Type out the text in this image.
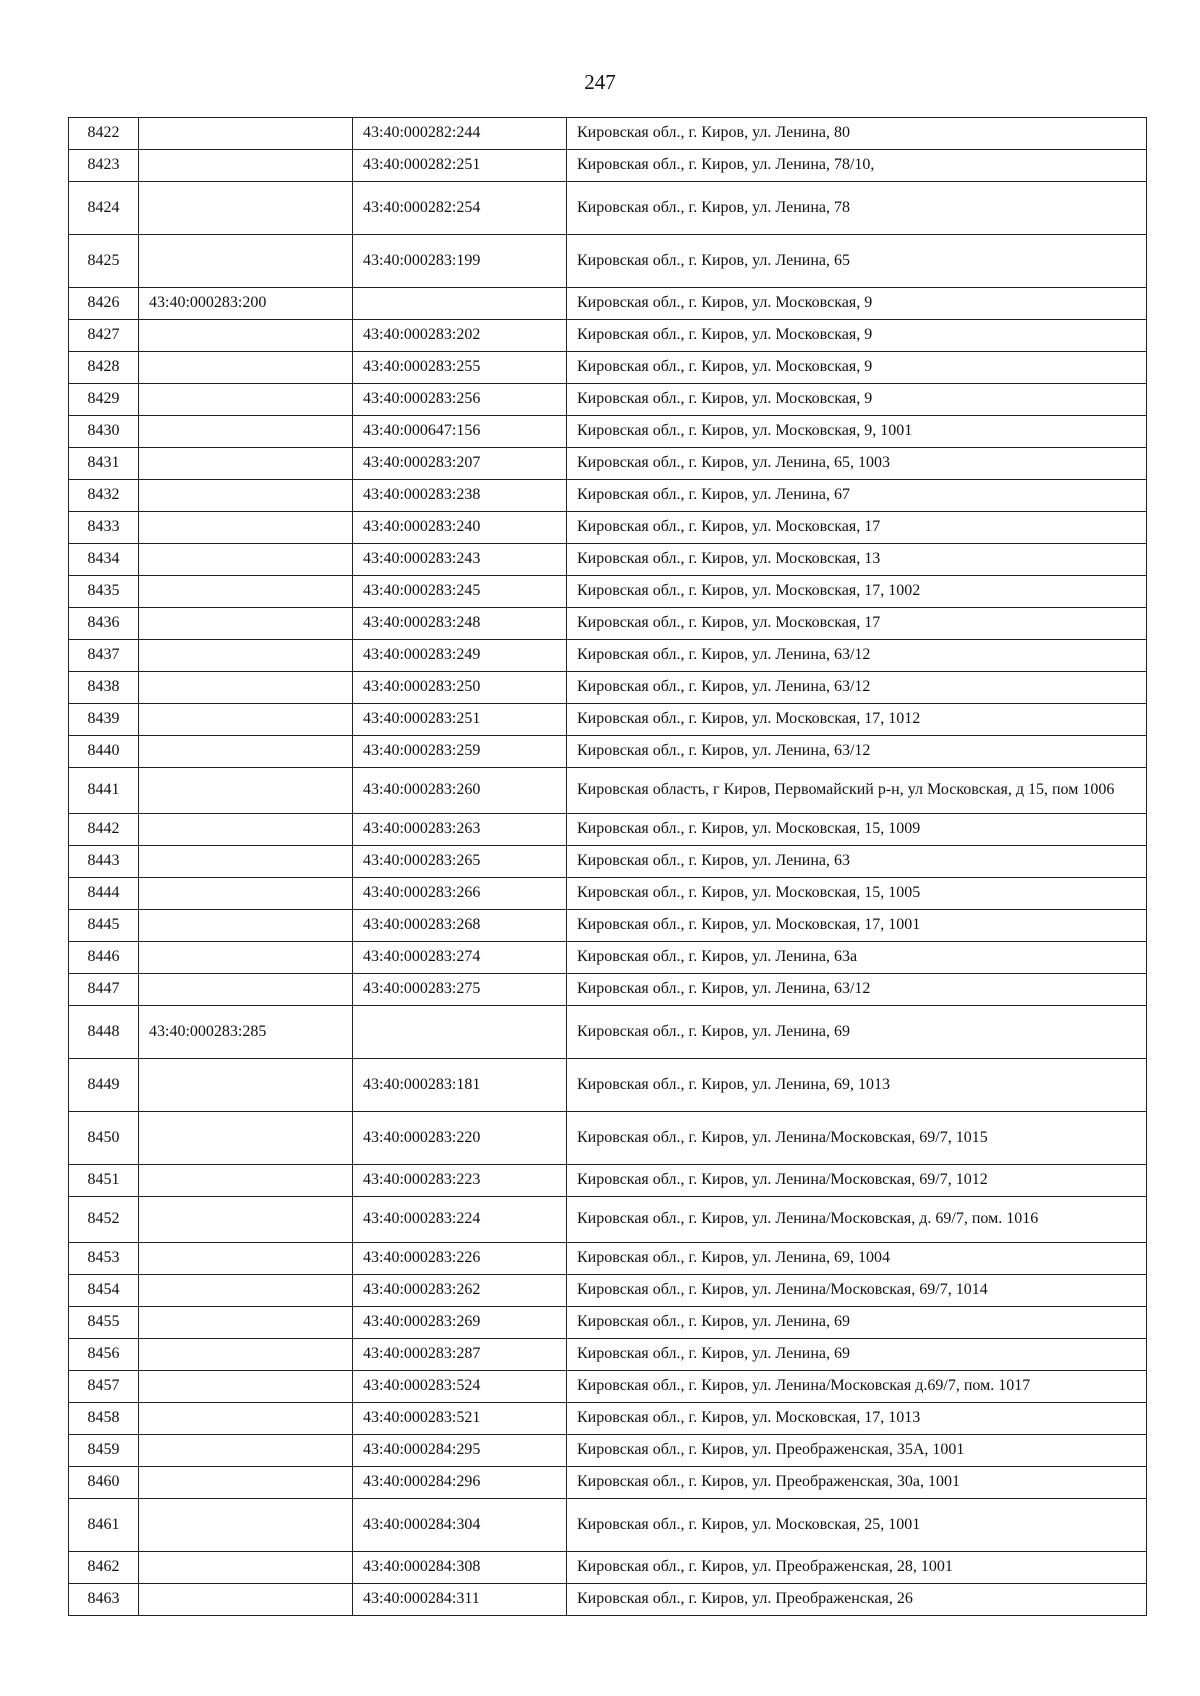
247
8422		43:40:000282:244	Кировская обл., г. Киров, ул. Ленина, 80
8423		43:40:000282:251	Кировская обл., г. Киров, ул. Ленина, 78/10,
8424		43:40:000282:254	Кировская обл., г. Киров, ул. Ленина, 78
8425		43:40:000283:199	Кировская обл., г. Киров, ул. Ленина, 65
8426	43:40:000283:200		Кировская обл., г. Киров, ул. Московская, 9
8427		43:40:000283:202	Кировская обл., г. Киров, ул. Московская, 9
8428		43:40:000283:255	Кировская обл., г. Киров, ул. Московская, 9
8429		43:40:000283:256	Кировская обл., г. Киров, ул. Московская, 9
8430		43:40:000647:156	Кировская обл., г. Киров, ул. Московская, 9, 1001
8431		43:40:000283:207	Кировская обл., г. Киров, ул. Ленина, 65, 1003
8432		43:40:000283:238	Кировская обл., г. Киров, ул. Ленина, 67
8433		43:40:000283:240	Кировская обл., г. Киров, ул. Московская, 17
8434		43:40:000283:243	Кировская обл., г. Киров, ул. Московская, 13
8435		43:40:000283:245	Кировская обл., г. Киров, ул. Московская, 17, 1002
8436		43:40:000283:248	Кировская обл., г. Киров, ул. Московская, 17
8437		43:40:000283:249	Кировская обл., г. Киров, ул. Ленина, 63/12
8438		43:40:000283:250	Кировская обл., г. Киров, ул. Ленина, 63/12
8439		43:40:000283:251	Кировская обл., г. Киров, ул. Московская, 17, 1012
8440		43:40:000283:259	Кировская обл., г. Киров, ул. Ленина, 63/12
8441		43:40:000283:260	Кировская область, г Киров, Первомайский р-н, ул Московская, д 15, пом 1006
8442		43:40:000283:263	Кировская обл., г. Киров, ул. Московская, 15, 1009
8443		43:40:000283:265	Кировская обл., г. Киров, ул. Ленина, 63
8444		43:40:000283:266	Кировская обл., г. Киров, ул. Московская, 15, 1005
8445		43:40:000283:268	Кировская обл., г. Киров, ул. Московская, 17, 1001
8446		43:40:000283:274	Кировская обл., г. Киров, ул. Ленина, 63а
8447		43:40:000283:275	Кировская обл., г. Киров, ул. Ленина, 63/12
8448	43:40:000283:285		Кировская обл., г. Киров, ул. Ленина, 69
8449		43:40:000283:181	Кировская обл., г. Киров, ул. Ленина, 69, 1013
8450		43:40:000283:220	Кировская обл., г. Киров, ул. Ленина/Московская, 69/7, 1015
8451		43:40:000283:223	Кировская обл., г. Киров, ул. Ленина/Московская, 69/7, 1012
8452		43:40:000283:224	Кировская обл., г. Киров, ул. Ленина/Московская, д. 69/7, пом. 1016
8453		43:40:000283:226	Кировская обл., г. Киров, ул. Ленина, 69, 1004
8454		43:40:000283:262	Кировская обл., г. Киров, ул. Ленина/Московская, 69/7, 1014
8455		43:40:000283:269	Кировская обл., г. Киров, ул. Ленина, 69
8456		43:40:000283:287	Кировская обл., г. Киров, ул. Ленина, 69
8457		43:40:000283:524	Кировская обл., г. Киров, ул. Ленина/Московская д.69/7, пом. 1017
8458		43:40:000283:521	Кировская обл., г. Киров, ул. Московская, 17, 1013
8459		43:40:000284:295	Кировская обл., г. Киров, ул. Преображенская, 35А, 1001
8460		43:40:000284:296	Кировская обл., г. Киров, ул. Преображенская, 30а, 1001
8461		43:40:000284:304	Кировская обл., г. Киров, ул. Московская, 25, 1001
8462		43:40:000284:308	Кировская обл., г. Киров, ул. Преображенская, 28, 1001
8463		43:40:000284:311	Кировская обл., г. Киров, ул. Преображенская, 26
